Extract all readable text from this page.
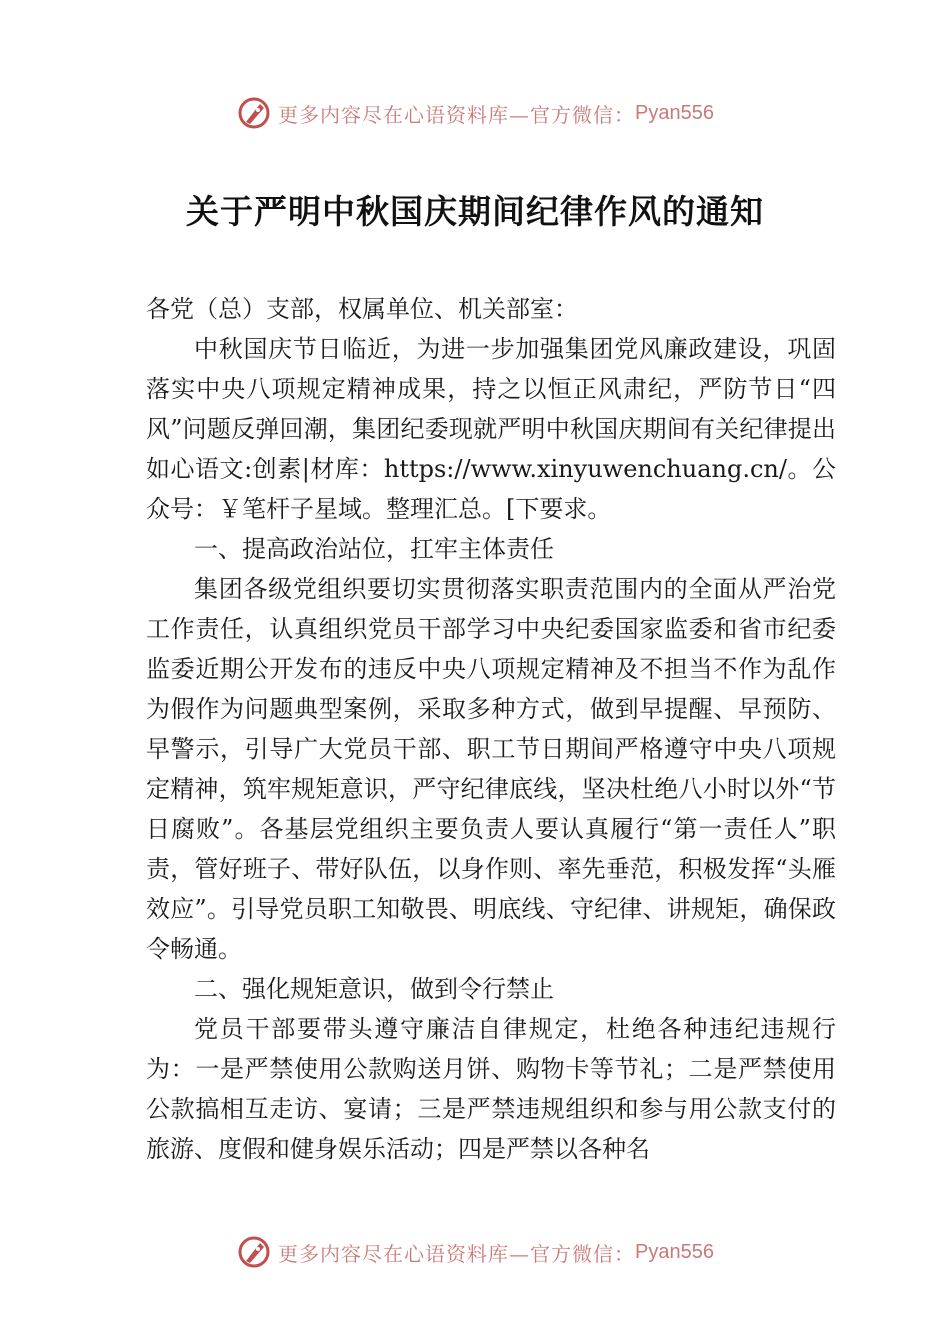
更多内容尽在心语资料库—官方微信： Pyan556
关于严明中秋国庆期间纪律作风的通知

各党（总）支部，权属单位、机关部室：

中秋国庆节日临近，为进一步加强集团党风廉政建设，巩固落实中央八项规定精神成果，持之以恒正风肃纪，严防节日“四风”问题反弹回潮，集团纪委现就严明中秋国庆期间有关纪律提出如心语文:创素|材库：https://www.xinyuwenchuang.cn/。公众号：￥笔杆子星域。整理汇总。[下要求。

一、提高政治站位，扛牢主体责任

集团各级党组织要切实贯彻落实职责范围内的全面从严治党工作责任，认真组织党员干部学习中央纪委国家监委和省市纪委监委近期公开发布的违反中央八项规定精神及不担当不作为乱作为假作为问题典型案例，采取多种方式，做到早提醒、早预防、早警示，引导广大党员干部、职工节日期间严格遵守中央八项规定精神，筑牢规矩意识，严守纪律底线，坚决杜绝八小时以外“节日腐败”。各基层党组织主要负责人要认真履行“第一责任人”职责，管好班子、带好队伍，以身作则、率先垂范，积极发挥“头雁效应”。引导党员职工知敬畏、明底线、守纪律、讲规矩，确保政令畅通。

二、强化规矩意识，做到令行禁止

党员干部要带头遵守廉洁自律规定，杜绝各种违纪违规行为：一是严禁使用公款购送月饼、购物卡等节礼；二是严禁使用公款搞相互走访、宴请；三是严禁违规组织和参与用公款支付的旅游、度假和健身娱乐活动；四是严禁以各种名

更多内容尽在心语资料库—官方微信： Pyan556
